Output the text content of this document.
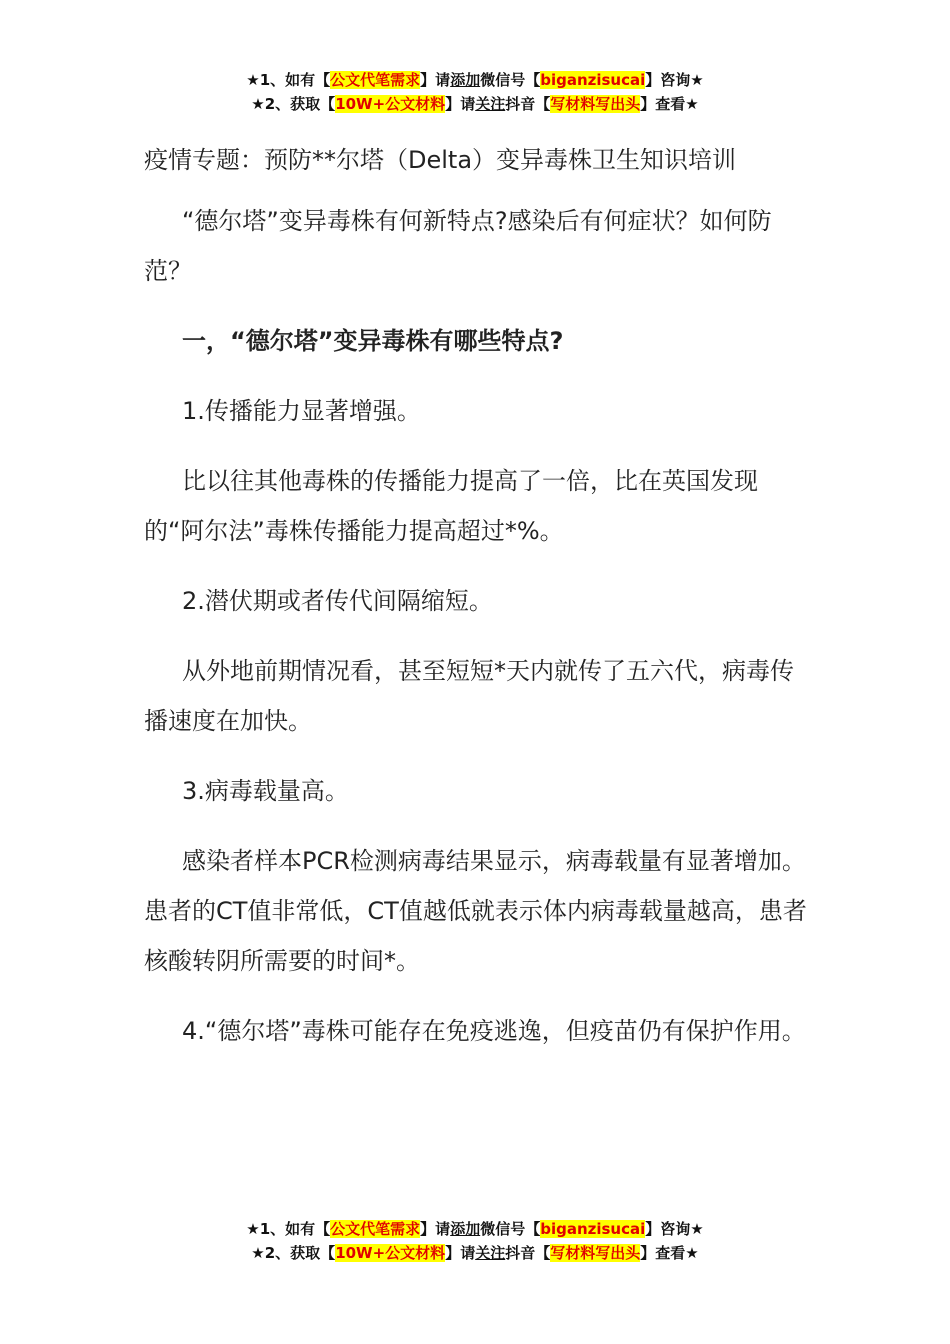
★1、如有【公文代笔需求】请添加微信号【biganzisucai】咨询★
★2、获取【10W+公文材料】请关注抖音【写材料写出头】查看★
疫情专题：预防**尔塔（Delta）变异毒株卫生知识培训

“德尔塔”变异毒株有何新特点?感染后有何症状？如何防范？

一，“德尔塔”变异毒株有哪些特点?

1.传播能力显著增强。

比以往其他毒株的传播能力提高了一倍，比在英国发现的“阿尔法”毒株传播能力提高超过*%。

2.潜伏期或者传代间隔缩短。

从外地前期情况看，甚至短短*天内就传了五六代，病毒传播速度在加快。

3.病毒载量高。

感染者样本PCR检测病毒结果显示，病毒载量有显著增加。患者的CT值非常低，CT值越低就表示体内病毒载量越高，患者核酸转阴所需要的时间*。

4.“德尔塔”毒株可能存在免疫逃逸，但疫苗仍有保护作用。

★1、如有【公文代笔需求】请添加微信号【biganzisucai】咨询★
★2、获取【10W+公文材料】请关注抖音【写材料写出头】查看★
